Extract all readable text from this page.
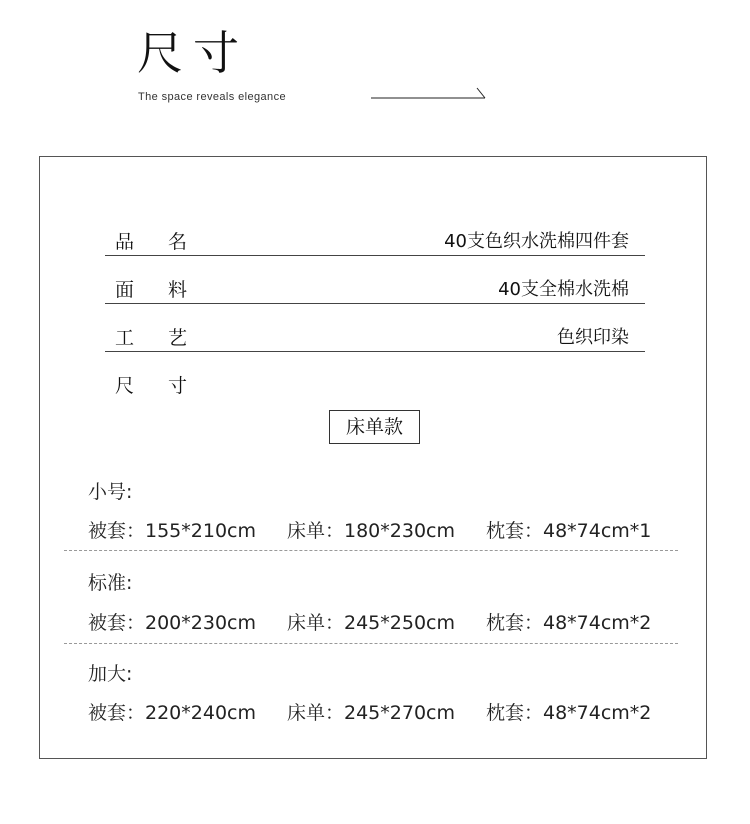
尺寸
The space reveals elegance
品 名	40支色织水洗棉四件套
面 料	40支全棉水洗棉
工 艺	色织印染
尺 寸
床单款
小号:
被套：155*210cm 床单：180*230cm 枕套：48*74cm*1
标准:
被套：200*230cm 床单：245*250cm 枕套：48*74cm*2
加大:
被套：220*240cm 床单：245*270cm 枕套：48*74cm*2
